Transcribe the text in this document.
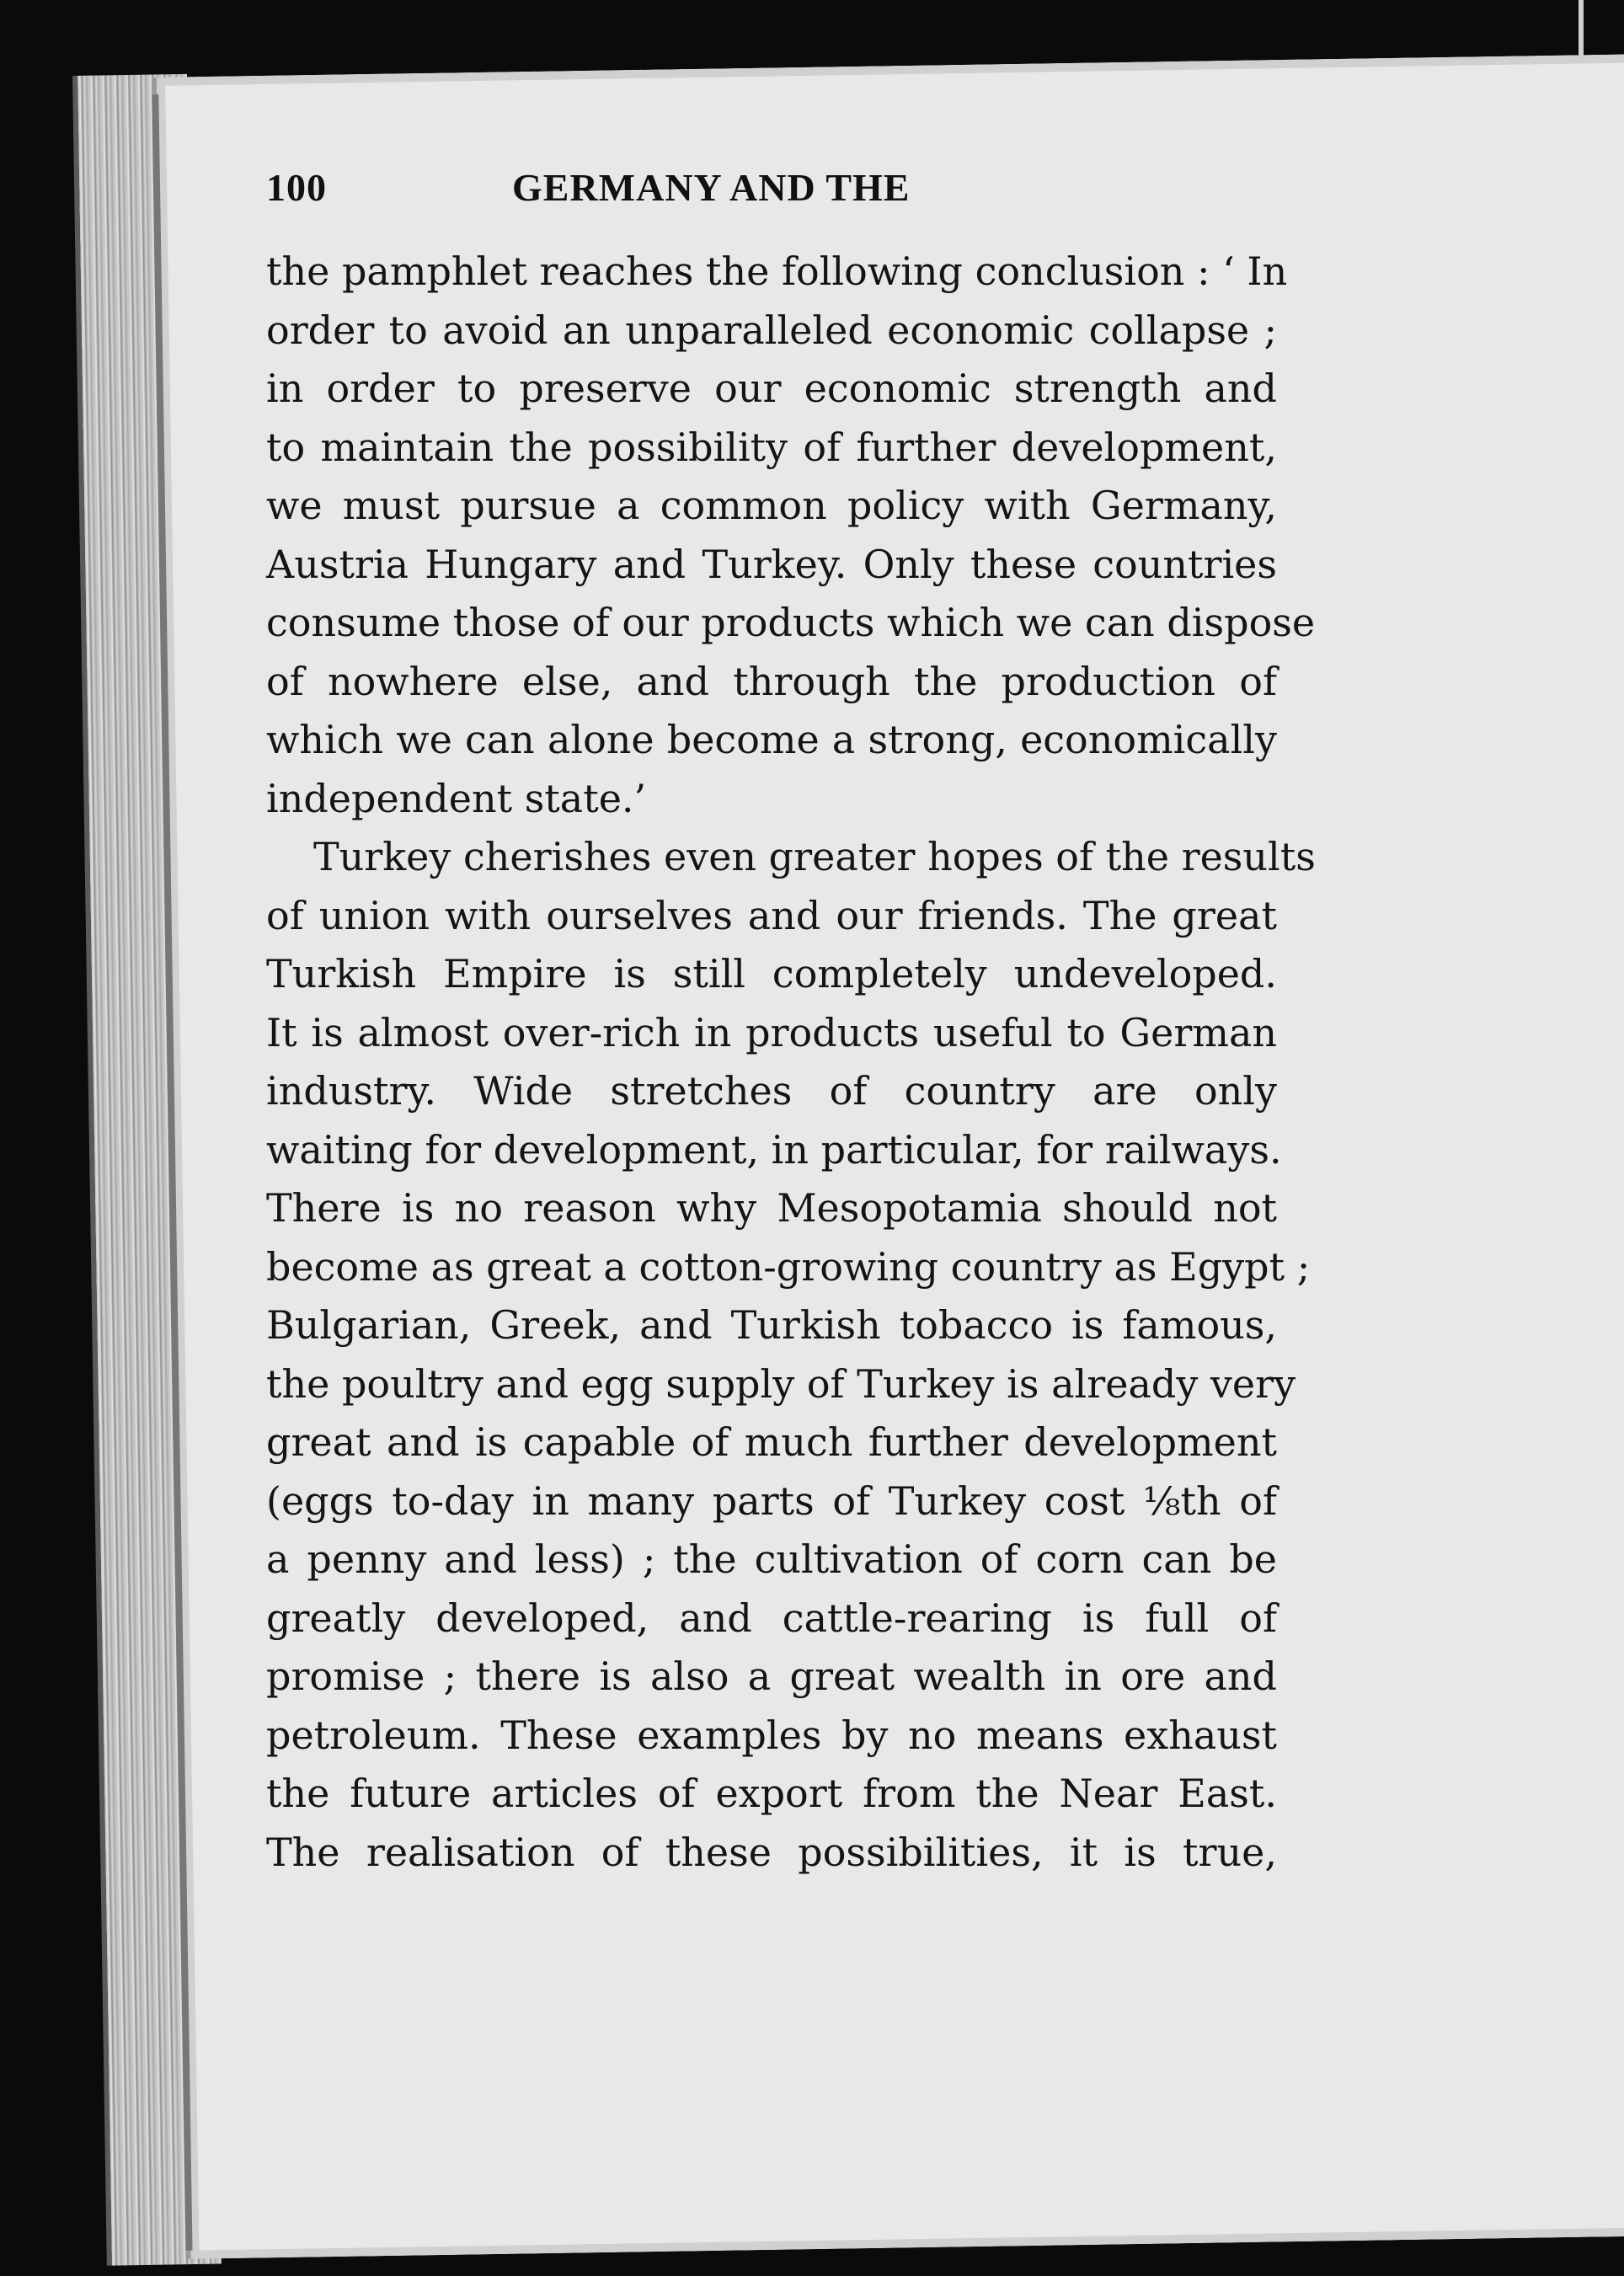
100	GERMANY AND THE
the pamphlet reaches the following conclusion : ‘ In
order to avoid an unparalleled economic collapse ;
in order to preserve our economic strength and
to maintain the possibility of further development,
we must pursue a common policy with Germany,
Austria Hungary and Turkey. Only these countries
consume those of our products which we can dispose
of nowhere else, and through the production of
which we can alone become a strong, economically
independent state.’
Turkey cherishes even greater hopes of the results
of union with ourselves and our friends. The great
Turkish Empire is still completely undeveloped.
It is almost over-rich in products useful to German
industry. Wide stretches of country are only
waiting for development, in particular, for railways.
There is no reason why Mesopotamia should not
become as great a cotton-growing country as Egypt ;
Bulgarian, Greek, and Turkish tobacco is famous,
the poultry and egg supply of Turkey is already very
great and is capable of much further development
(eggs to-day in many parts of Turkey cost ⅛th of
a penny and less) ; the cultivation of corn can be
greatly developed, and cattle-rearing is full of
promise ; there is also a great wealth in ore and
petroleum. These examples by no means exhaust
the future articles of export from the Near East.
The realisation of these possibilities, it is true,
